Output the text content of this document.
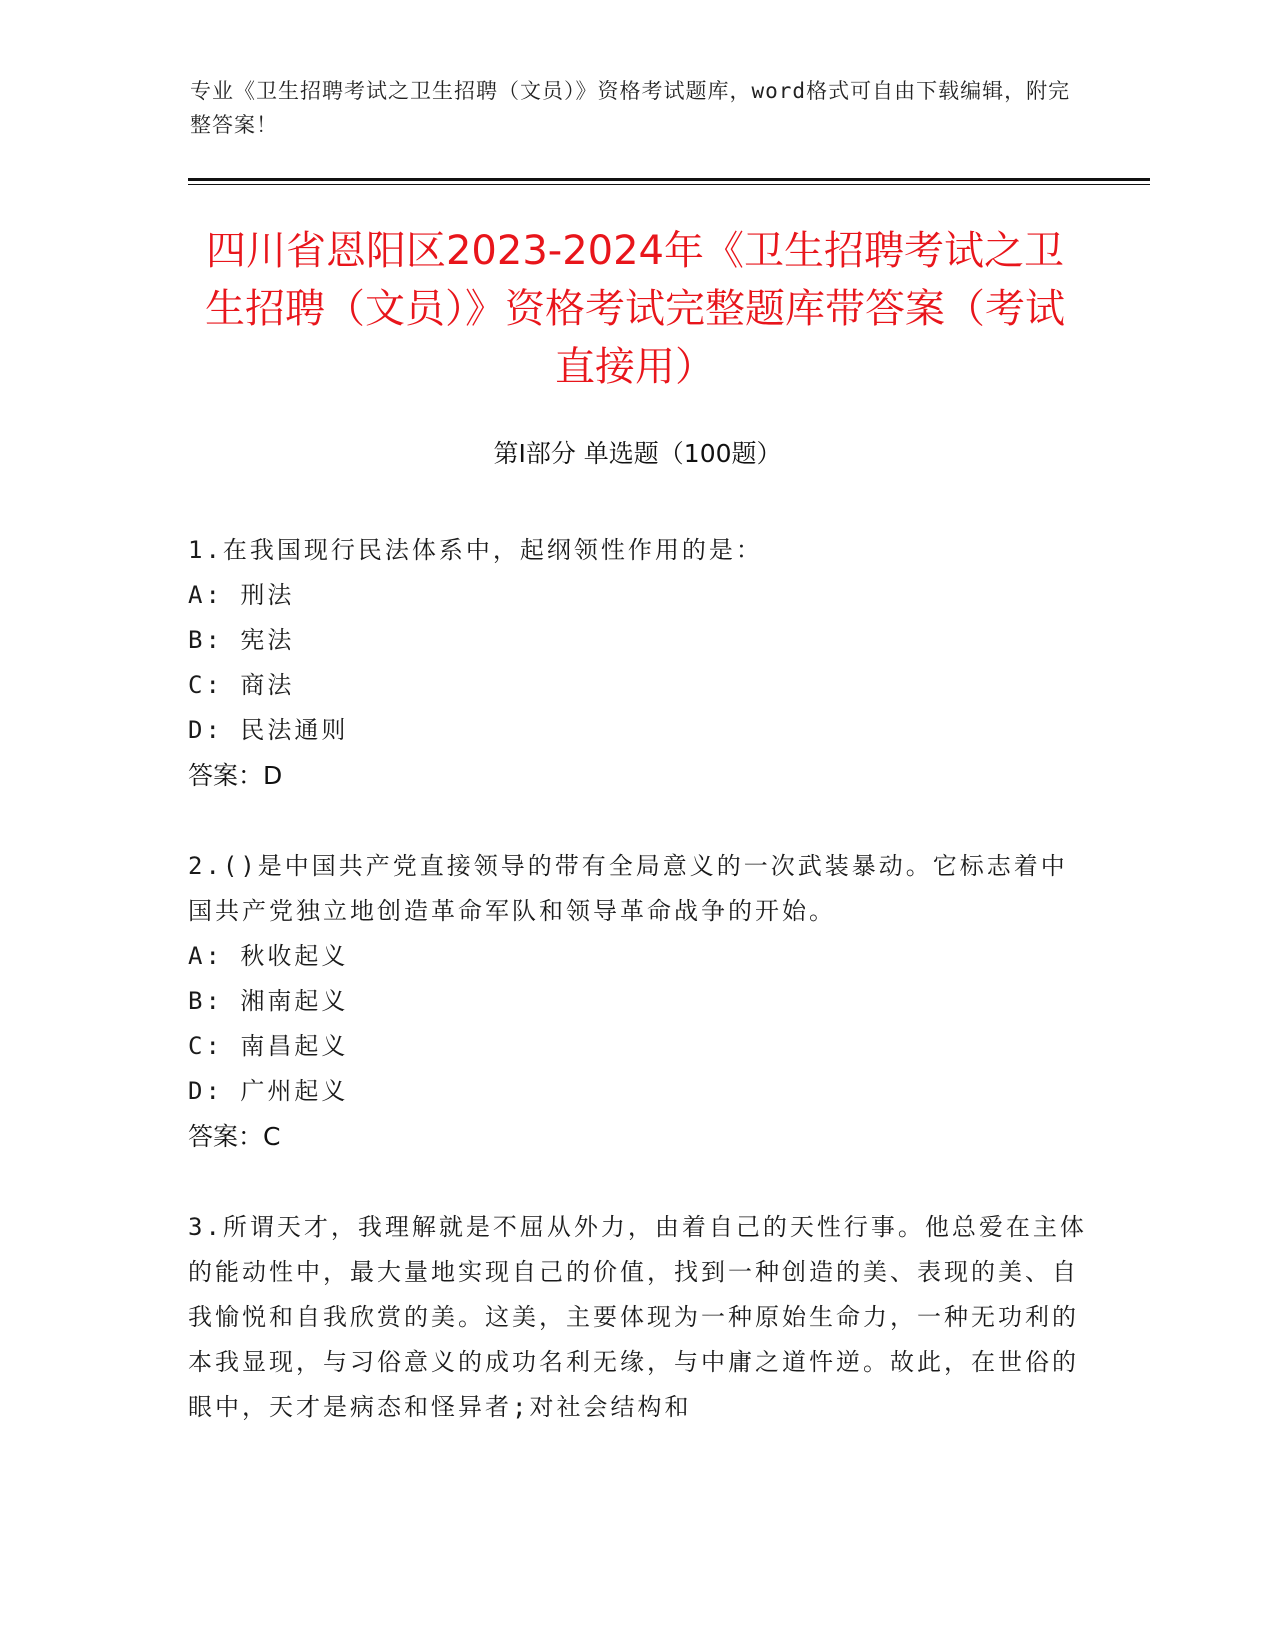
专业《卫生招聘考试之卫生招聘（文员）》资格考试题库，word格式可自由下载编辑，附完整答案！
四川省恩阳区2023-2024年《卫生招聘考试之卫生招聘（文员）》资格考试完整题库带答案（考试直接用）
第I部分 单选题（100题）
1.在我国现行民法体系中，起纲领性作用的是：
A: 刑法
B: 宪法
C: 商法
D: 民法通则
答案：D
2.()是中国共产党直接领导的带有全局意义的一次武装暴动。它标志着中国共产党独立地创造革命军队和领导革命战争的开始。
A: 秋收起义
B: 湘南起义
C: 南昌起义
D: 广州起义
答案：C
3.所谓天才，我理解就是不屈从外力，由着自己的天性行事。他总爱在主体的能动性中，最大量地实现自己的价值，找到一种创造的美、表现的美、自我愉悦和自我欣赏的美。这美，主要体现为一种原始生命力，一种无功利的本我显现，与习俗意义的成功名利无缘，与中庸之道忤逆。故此，在世俗的眼中，天才是病态和怪异者;对社会结构和
